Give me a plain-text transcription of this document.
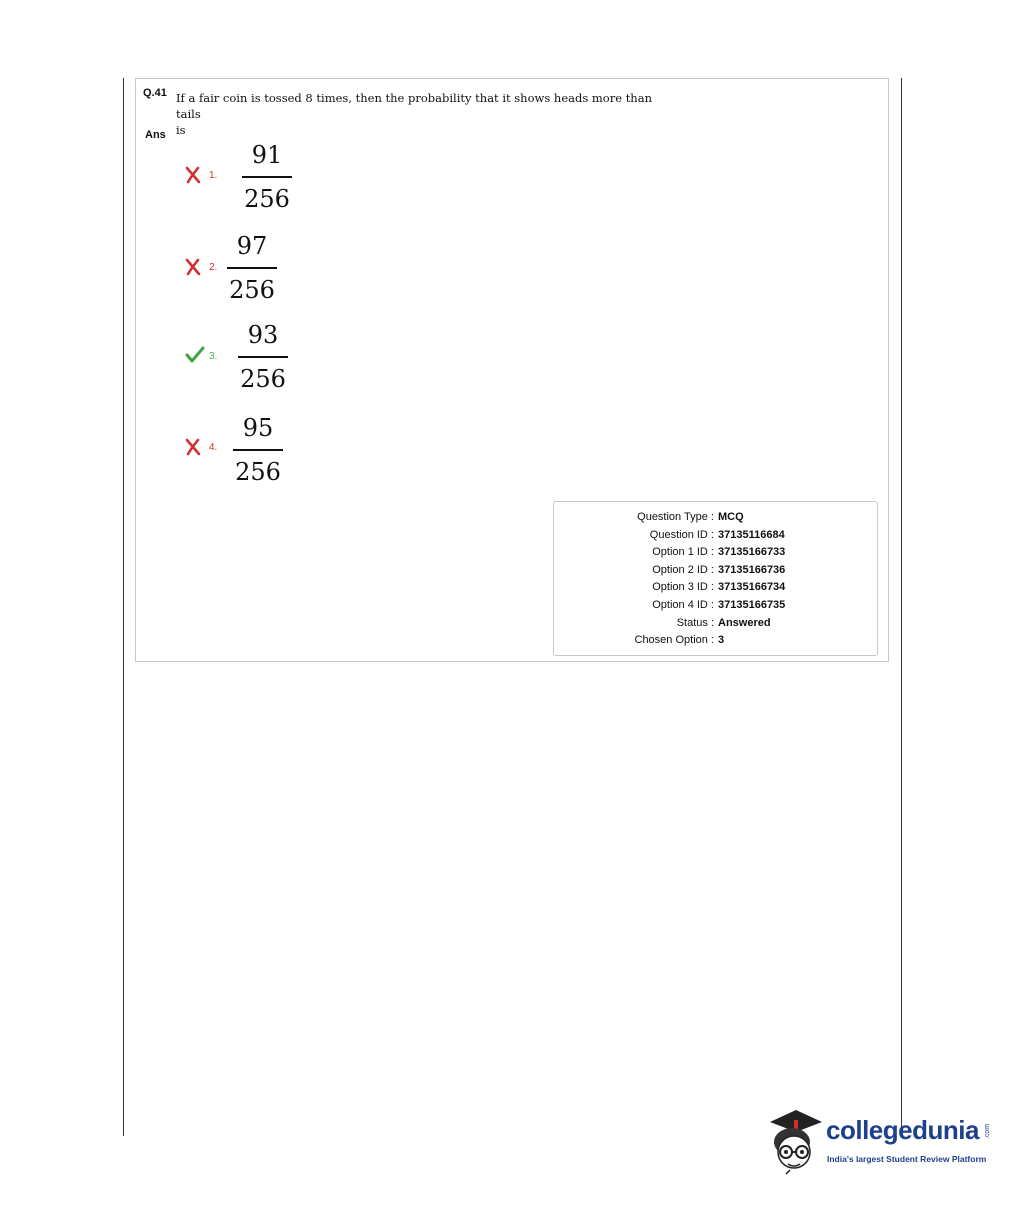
Q.41 If a fair coin is tossed 8 times, then the probability that it shows heads more than tails
is
Ans
1.
91
256
2.
97
256
3.
93
256
4.
95
256
Question Type : MCQ
Question ID : 37135116684
Option 1 ID : 37135166733
Option 2 ID : 37135166736
Option 3 ID : 37135166734
Option 4 ID : 37135166735
Status : Answered
Chosen Option : 3
collegedunia .com
India's largest Student Review Platform
